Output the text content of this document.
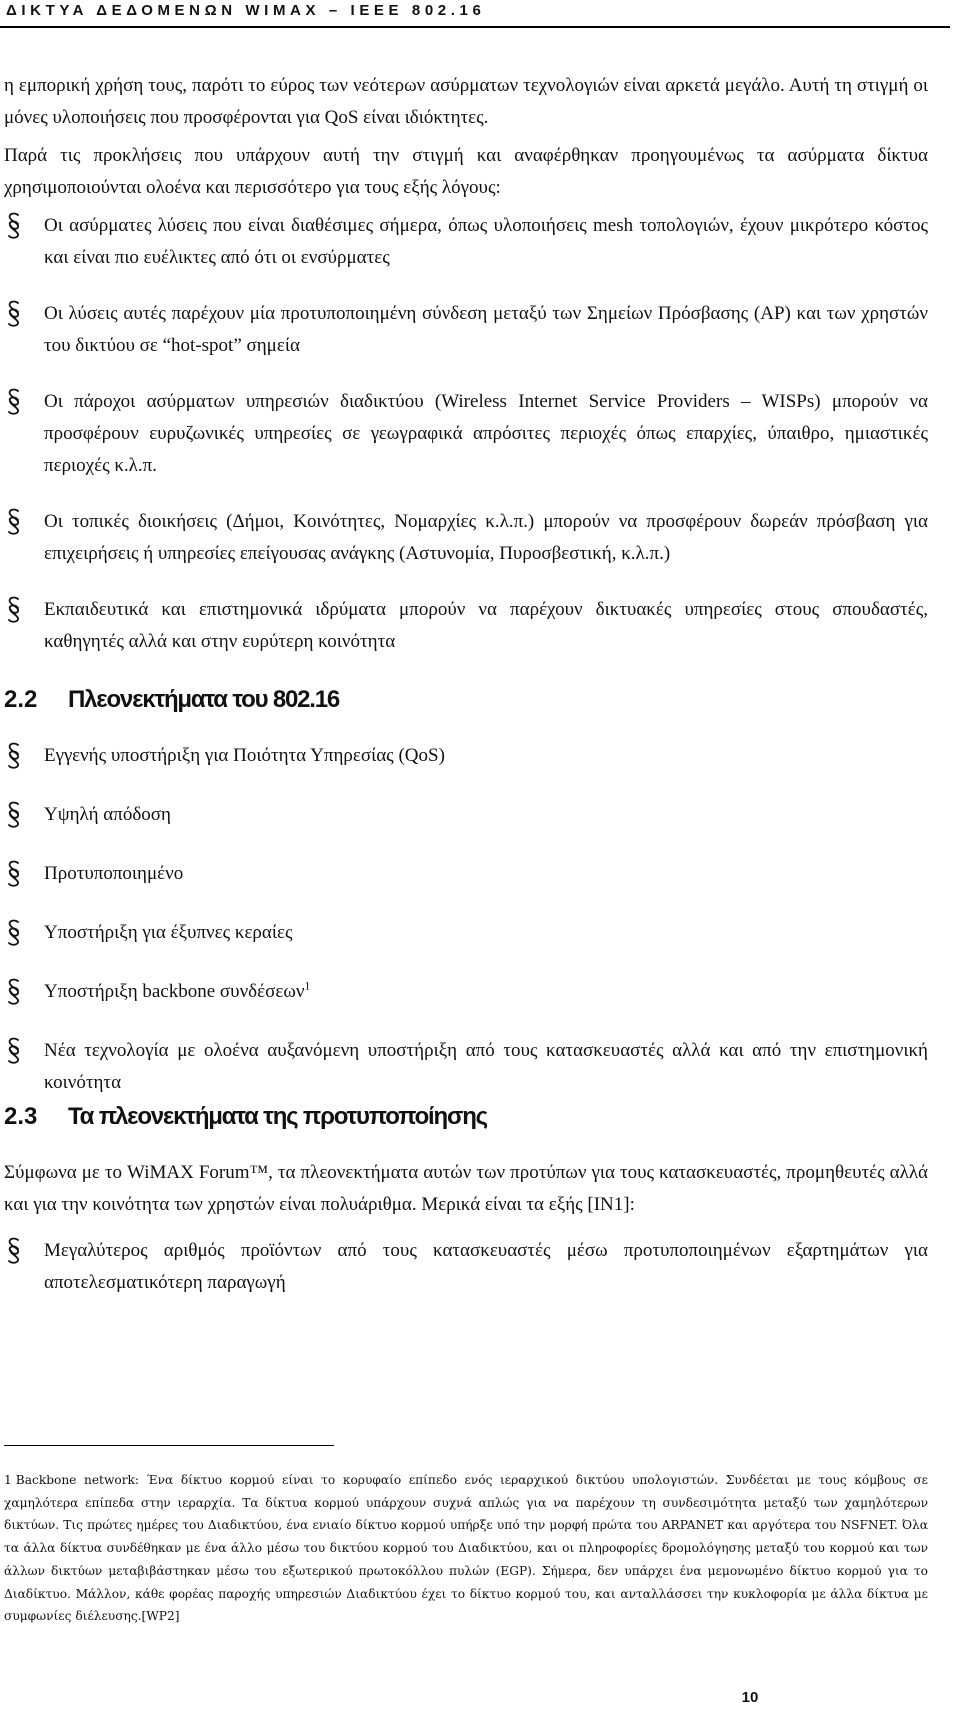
ΔΙΚΤΥΑ ΔΕΔΟΜΕΝΩΝ WIMAX – IEEE 802.16

η εμπορική χρήση τους, παρότι το εύρος των νεότερων ασύρματων τεχνολογιών είναι αρκετά μεγάλο. Αυτή τη στιγμή οι μόνες υλοποιήσεις που προσφέρονται για QoS είναι ιδιόκτητες.

Παρά τις προκλήσεις που υπάρχουν αυτή την στιγμή και αναφέρθηκαν προηγουμένως τα ασύρματα δίκτυα χρησιμοποιούνται ολοένα και περισσότερο για τους εξής λόγους:

Οι ασύρματες λύσεις που είναι διαθέσιμες σήμερα, όπως υλοποιήσεις mesh τοπολογιών, έχουν μικρότερο κόστος και είναι πιο ευέλικτες από ότι οι ενσύρματες
Οι λύσεις αυτές παρέχουν μία προτυποποιημένη σύνδεση μεταξύ των Σημείων Πρόσβασης (AP) και των χρηστών του δικτύου σε “hot-spot” σημεία
Οι πάροχοι ασύρματων υπηρεσιών διαδικτύου (Wireless Internet Service Providers – WISPs) μπορούν να προσφέρουν ευρυζωνικές υπηρεσίες σε γεωγραφικά απρόσιτες περιοχές όπως επαρχίες, ύπαιθρο, ημιαστικές περιοχές κ.λ.π.
Οι τοπικές διοικήσεις (Δήμοι, Κοινότητες, Νομαρχίες κ.λ.π.) μπορούν να προσφέρουν δωρεάν πρόσβαση για επιχειρήσεις ή υπηρεσίες επείγουσας ανάγκης (Αστυνομία, Πυροσβεστική, κ.λ.π.)
Εκπαιδευτικά και επιστημονικά ιδρύματα μπορούν να παρέχουν δικτυακές υπηρεσίες στους σπουδαστές, καθηγητές αλλά και στην ευρύτερη κοινότητα
2.2 Πλεονεκτήματα του 802.16
Εγγενής υποστήριξη για Ποιότητα Υπηρεσίας (QoS)
Υψηλή απόδοση
Προτυποποιημένο
Υποστήριξη για έξυπνες κεραίες
Υποστήριξη backbone συνδέσεων$^1$
Νέα τεχνολογία με ολοένα αυξανόμενη υποστήριξη από τους κατασκευαστές αλλά και από την επιστημονική κοινότητα
2.3 Τα πλεονεκτήματα της προτυποποίησης

Σύμφωνα με το WiMAX Forum™, τα πλεονεκτήματα αυτών των προτύπων για τους κατασκευαστές, προμηθευτές αλλά και για την κοινότητα των χρηστών είναι πολυάριθμα. Μερικά είναι τα εξής [IN1]:

Μεγαλύτερος αριθμός προϊόντων από τους κατασκευαστές μέσω προτυποποιημένων εξαρτημάτων για αποτελεσματικότερη παραγωγή
1 Backbone network: Ένα δίκτυο κορμού είναι το κορυφαίο επίπεδο ενός ιεραρχικού δικτύου υπολογιστών. Συνδέεται με τους κόμβους σε χαμηλότερα επίπεδα στην ιεραρχία. Τα δίκτυα κορμού υπάρχουν συχνά απλώς για να παρέχουν τη συνδεσιμότητα μεταξύ των χαμηλότερων δικτύων. Τις πρώτες ημέρες του Διαδικτύου, ένα ενιαίο δίκτυο κορμού υπήρξε υπό την μορφή πρώτα του ARPANET και αργότερα του NSFNET. Όλα τα άλλα δίκτυα συνδέθηκαν με ένα άλλο μέσω του δικτύου κορμού του Διαδικτύου, και οι πληροφορίες δρομολόγησης μεταξύ του κορμού και των άλλων δικτύων μεταβιβάστηκαν μέσω του εξωτερικού πρωτοκόλλου πυλών (EGP). Σήμερα, δεν υπάρχει ένα μεμονωμένο δίκτυο κορμού για το Διαδίκτυο. Μάλλον, κάθε φορέας παροχής υπηρεσιών Διαδικτύου έχει το δίκτυο κορμού του, και ανταλλάσσει την κυκλοφορία με άλλα δίκτυα με συμφωνίες διέλευσης.[WP2]
10
